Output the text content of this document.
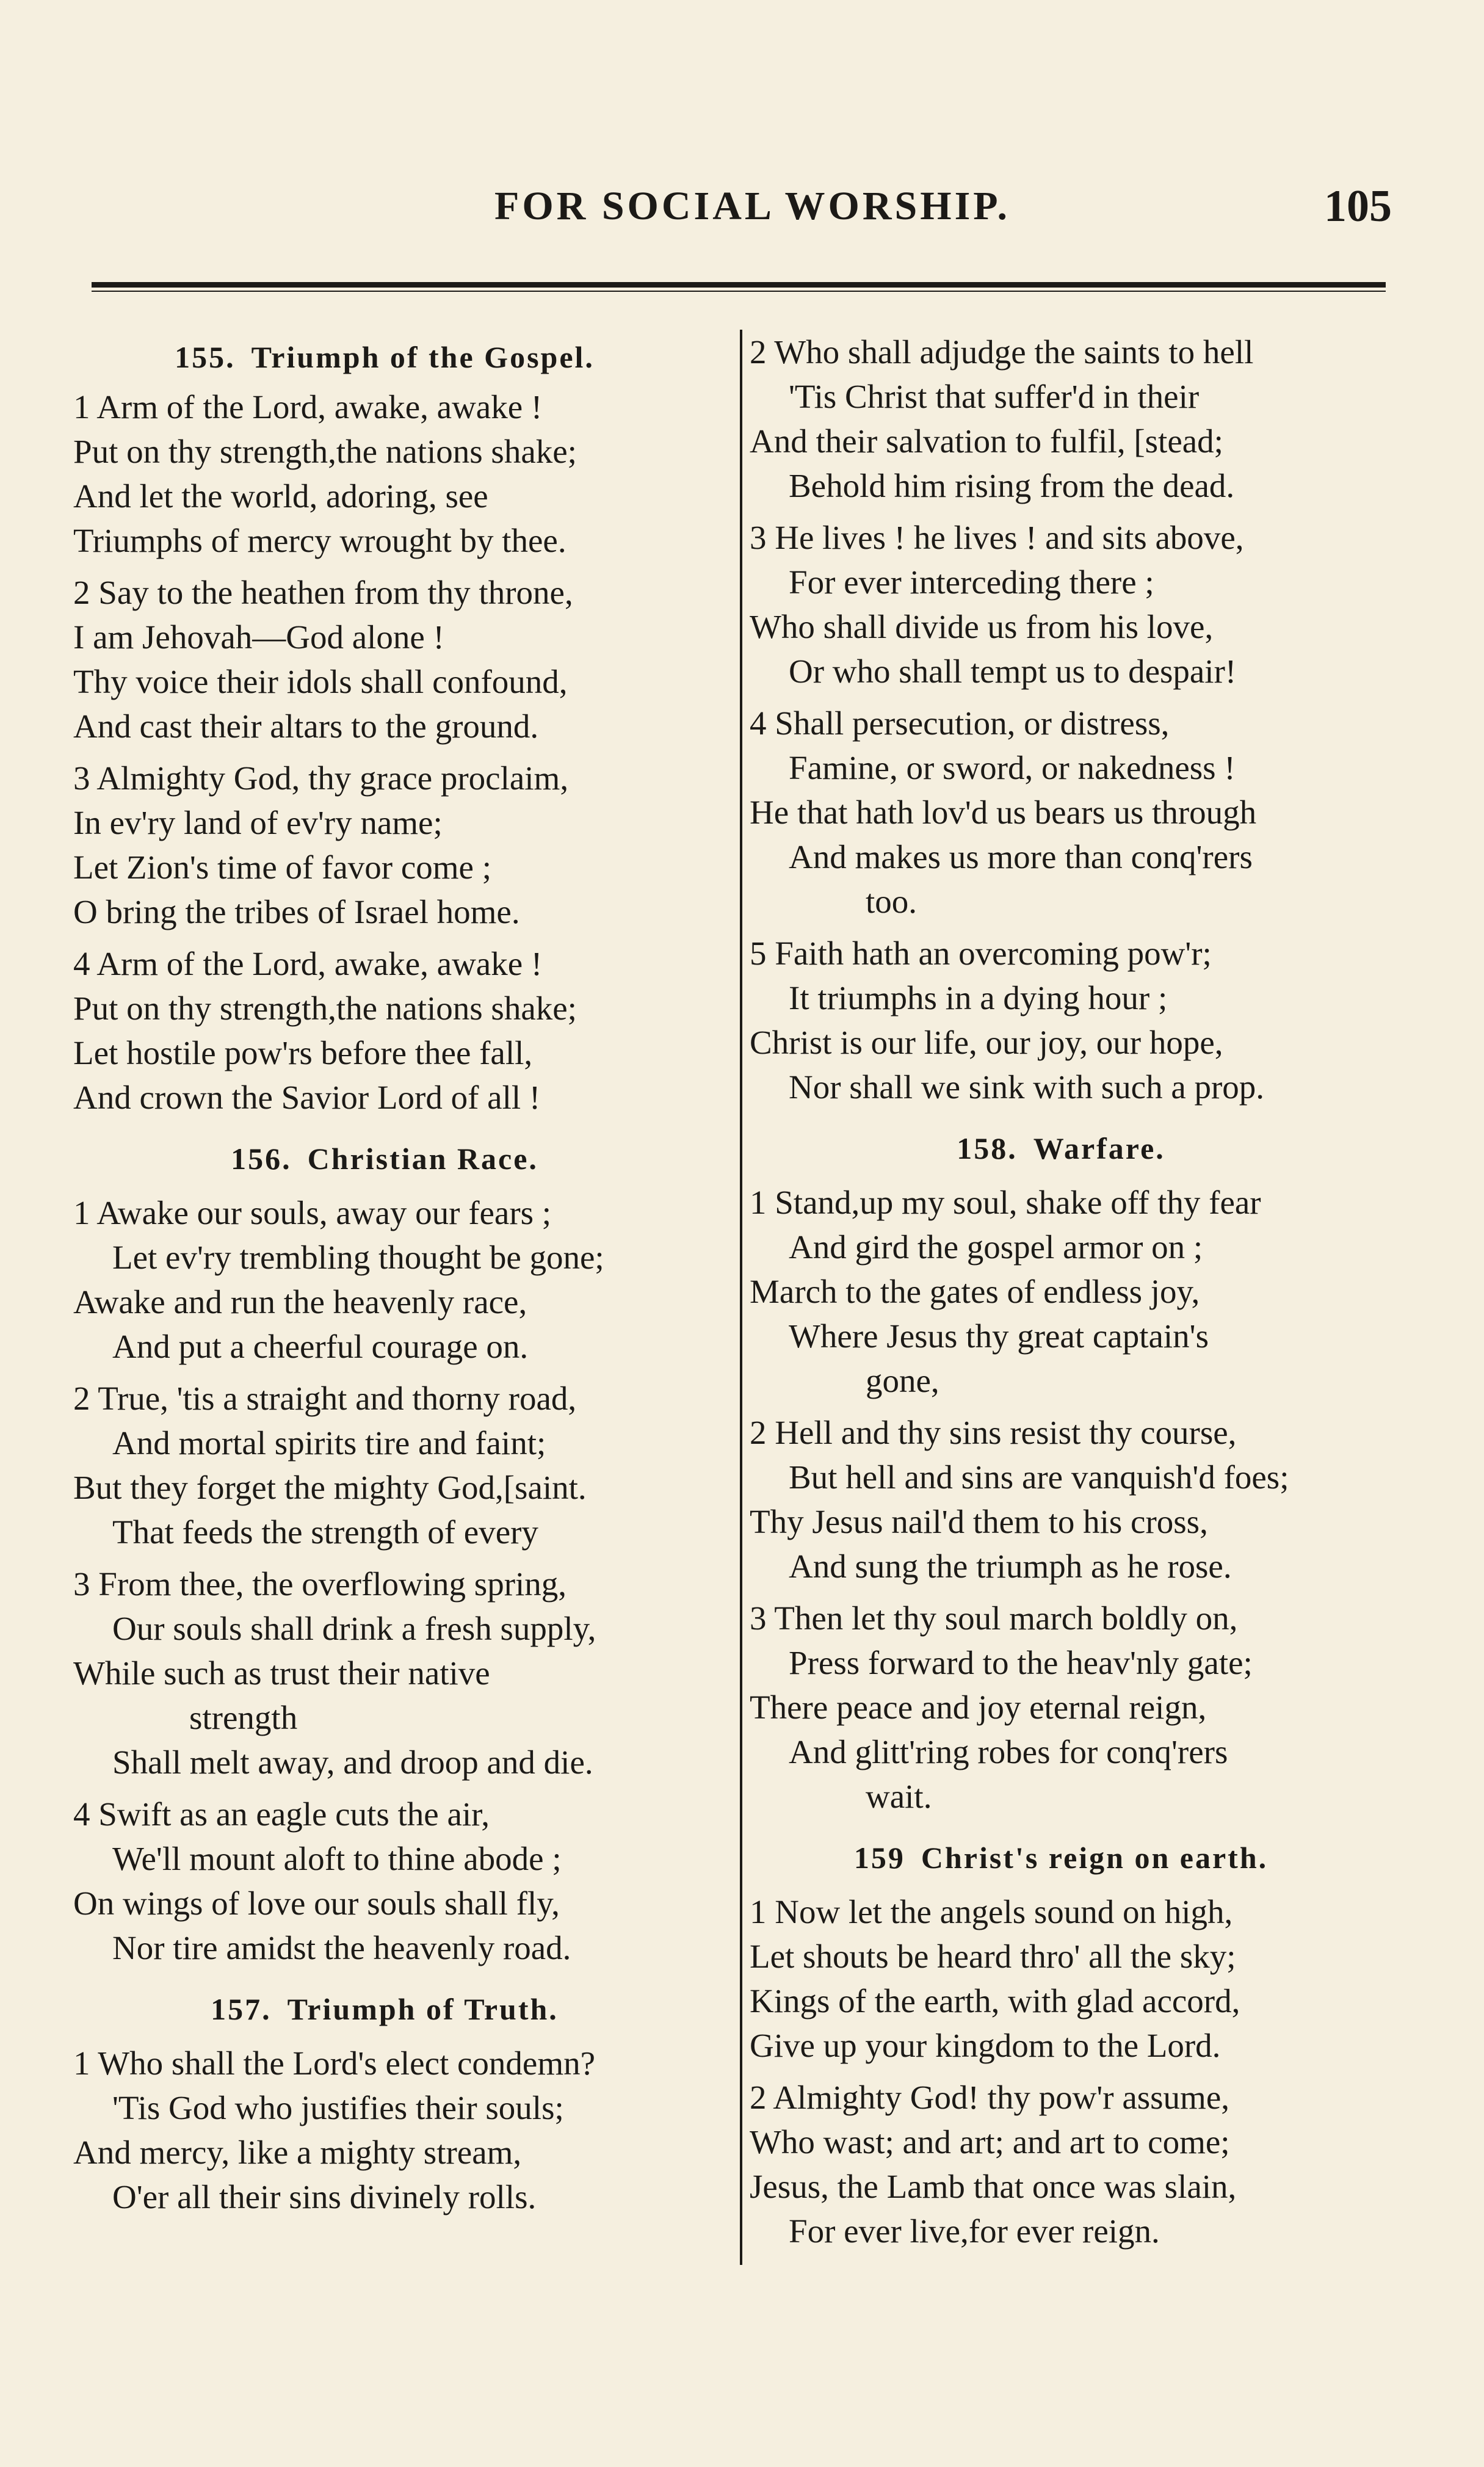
FOR SOCIAL WORSHIP.	105
155. Triumph of the Gospel.
1 Arm of the Lord, awake, awake !
Put on thy strength,the nations shake;
And let the world, adoring, see
Triumphs of mercy wrought by thee.
2 Say to the heathen from thy throne,
I am Jehovah—God alone !
Thy voice their idols shall confound,
And cast their altars to the ground.
3 Almighty God, thy grace proclaim,
In ev'ry land of ev'ry name;
Let Zion's time of favor come ;
O bring the tribes of Israel home.
4 Arm of the Lord, awake, awake !
Put on thy strength,the nations shake;
Let hostile pow'rs before thee fall,
And crown the Savior Lord of all !
156. Christian Race.
1 Awake our souls, away our fears ;
Let ev'ry trembling thought be gone;
Awake and run the heavenly race,
And put a cheerful courage on.
2 True, 'tis a straight and thorny road,
And mortal spirits tire and faint;
But they forget the mighty God,[saint.
That feeds the strength of every
3 From thee, the overflowing spring,
Our souls shall drink a fresh supply,
While such as trust their native
strength
Shall melt away, and droop and die.
4 Swift as an eagle cuts the air,
We'll mount aloft to thine abode ;
On wings of love our souls shall fly,
Nor tire amidst the heavenly road.
157. Triumph of Truth.
1 Who shall the Lord's elect condemn?
'Tis God who justifies their souls;
And mercy, like a mighty stream,
O'er all their sins divinely rolls.
2 Who shall adjudge the saints to hell
'Tis Christ that suffer'd in their
And their salvation to fulfil, [stead;
Behold him rising from the dead.
3 He lives ! he lives ! and sits above,
For ever interceding there ;
Who shall divide us from his love,
Or who shall tempt us to despair!
4 Shall persecution, or distress,
Famine, or sword, or nakedness !
He that hath lov'd us bears us through
And makes us more than conq'rers
too.
5 Faith hath an overcoming pow'r;
It triumphs in a dying hour ;
Christ is our life, our joy, our hope,
Nor shall we sink with such a prop.
158. Warfare.
1 Stand,up my soul, shake off thy fear
And gird the gospel armor on ;
March to the gates of endless joy,
Where Jesus thy great captain's
gone,
2 Hell and thy sins resist thy course,
But hell and sins are vanquish'd foes;
Thy Jesus nail'd them to his cross,
And sung the triumph as he rose.
3 Then let thy soul march boldly on,
Press forward to the heav'nly gate;
There peace and joy eternal reign,
And glitt'ring robes for conq'rers
wait.
159 Christ's reign on earth.
1 Now let the angels sound on high,
Let shouts be heard thro' all the sky;
Kings of the earth, with glad accord,
Give up your kingdom to the Lord.
2 Almighty God! thy pow'r assume,
Who wast; and art; and art to come;
Jesus, the Lamb that once was slain,
For ever live,for ever reign.
